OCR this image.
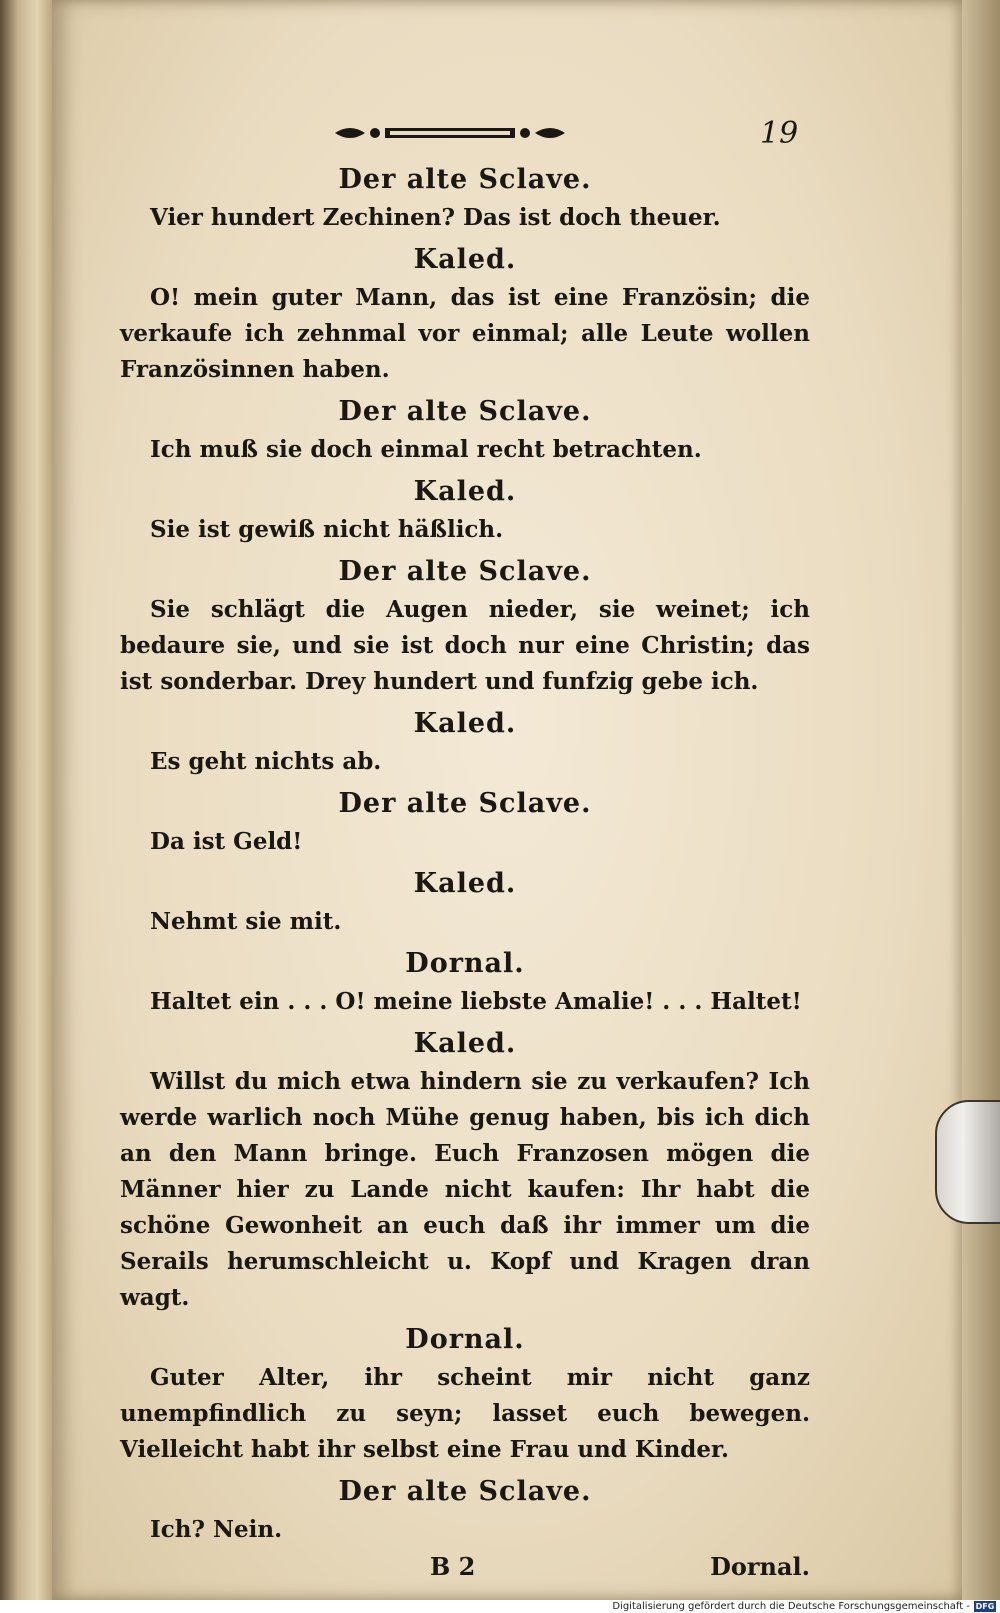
19
Der alte Sclave.
Vier hundert Zechinen? Das ist doch theuer.
Kaled.
O! mein guter Mann, das ist eine Französin; die verkaufe ich zehnmal vor einmal; alle Leute wollen Französinnen haben.
Der alte Sclave.
Ich muß sie doch einmal recht betrachten.
Kaled.
Sie ist gewiß nicht häßlich.
Der alte Sclave.
Sie schlägt die Augen nieder, sie weinet; ich bedaure sie, und sie ist doch nur eine Christin; das ist sonderbar. Drey hundert und funfzig gebe ich.
Kaled.
Es geht nichts ab.
Der alte Sclave.
Da ist Geld!
Kaled.
Nehmt sie mit.
Dornal.
Haltet ein . . . O! meine liebste Amalie! . . . Haltet!
Kaled.
Willst du mich etwa hindern sie zu verkaufen? Ich werde warlich noch Mühe genug haben, bis ich dich an den Mann bringe. Euch Franzosen mögen die Männer hier zu Lande nicht kaufen: Ihr habt die schöne Gewonheit an euch daß ihr immer um die Serails herumschleicht u. Kopf und Kragen dran wagt.
Dornal.
Guter Alter, ihr scheint mir nicht ganz unempfindlich zu seyn; lasset euch bewegen. Vielleicht habt ihr selbst eine Frau und Kinder.
Der alte Sclave.
Ich? Nein.
B 2	Dornal.
Digitalisierung gefördert durch die Deutsche Forschungsgemeinschaft - DFG
